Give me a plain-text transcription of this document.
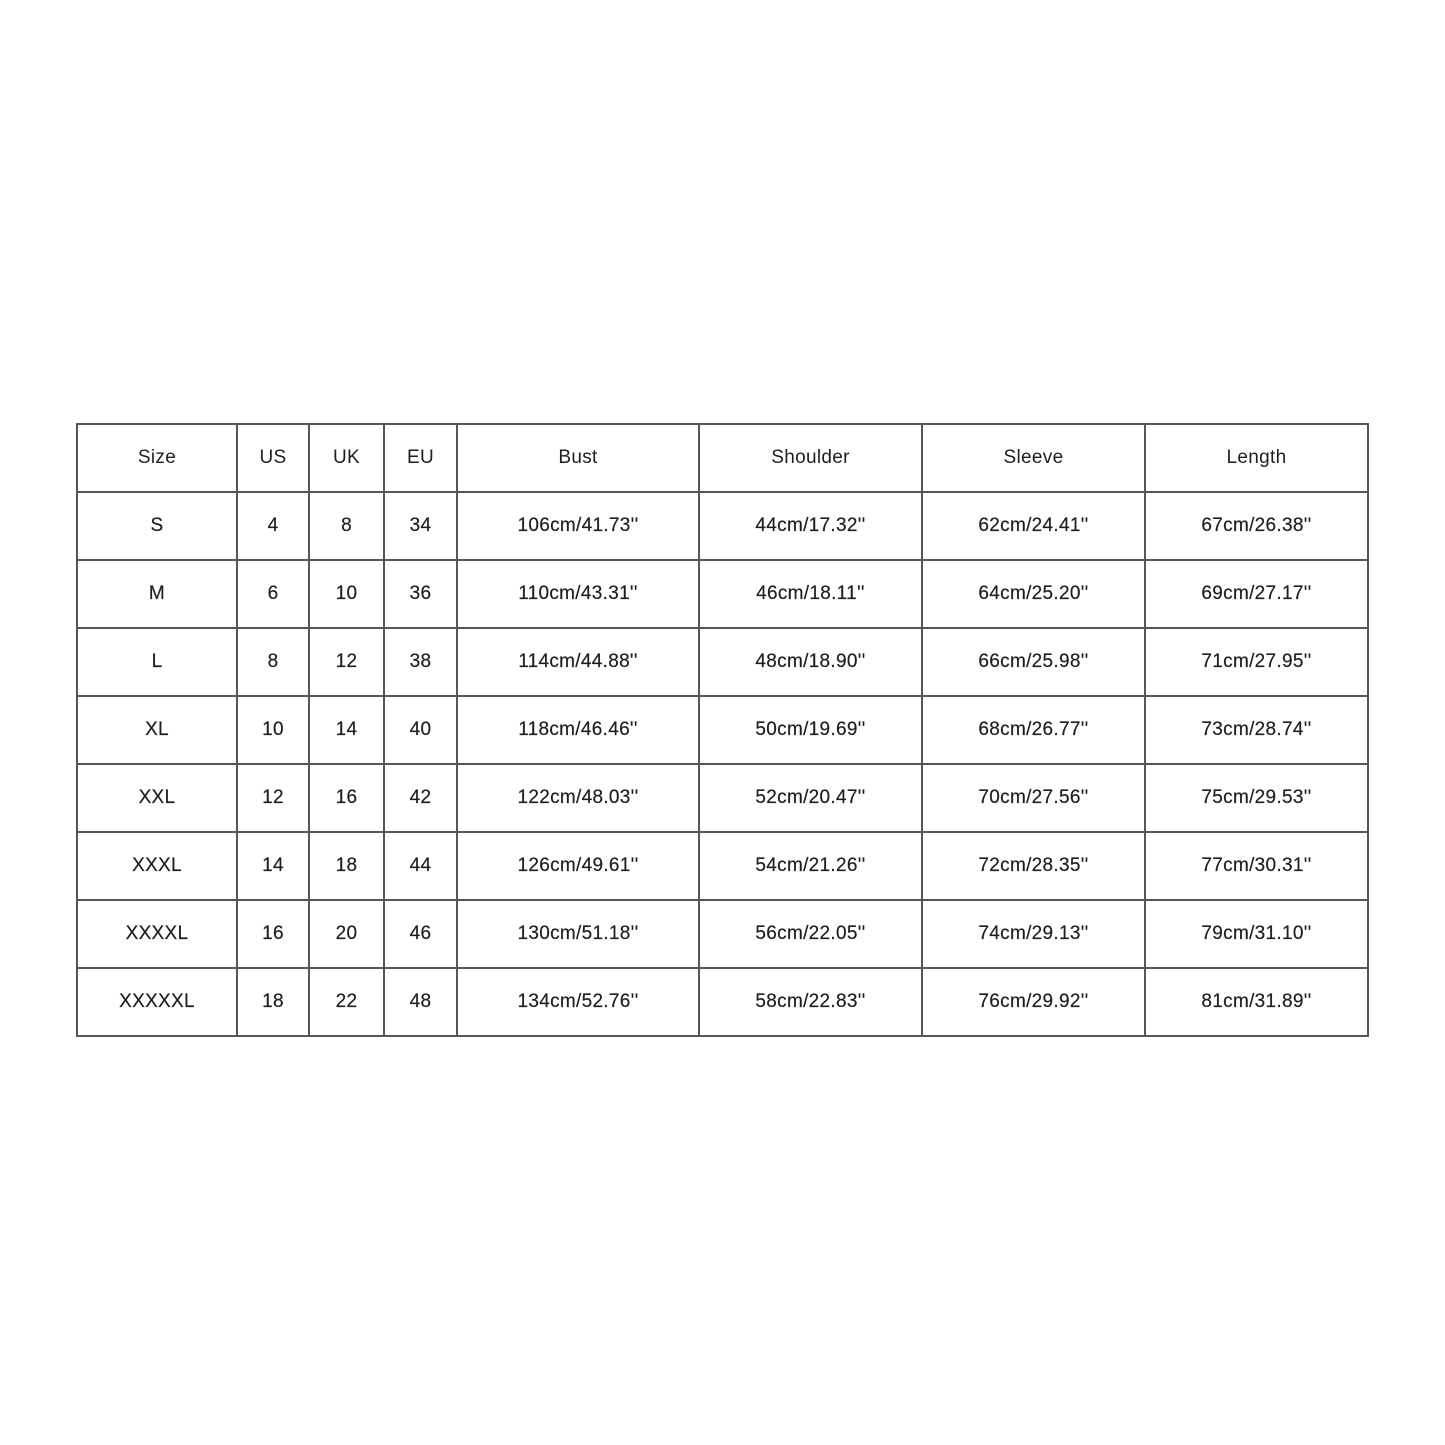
Size	US	UK	EU	Bust	Shoulder	Sleeve	Length
S	4	8	34	106cm/41.73''	44cm/17.32''	62cm/24.41''	67cm/26.38''
M	6	10	36	110cm/43.31''	46cm/18.11''	64cm/25.20''	69cm/27.17''
L	8	12	38	114cm/44.88''	48cm/18.90''	66cm/25.98''	71cm/27.95''
XL	10	14	40	118cm/46.46''	50cm/19.69''	68cm/26.77''	73cm/28.74''
XXL	12	16	42	122cm/48.03''	52cm/20.47''	70cm/27.56''	75cm/29.53''
XXXL	14	18	44	126cm/49.61''	54cm/21.26''	72cm/28.35''	77cm/30.31''
XXXXL	16	20	46	130cm/51.18''	56cm/22.05''	74cm/29.13''	79cm/31.10''
XXXXXL	18	22	48	134cm/52.76''	58cm/22.83''	76cm/29.92''	81cm/31.89''
